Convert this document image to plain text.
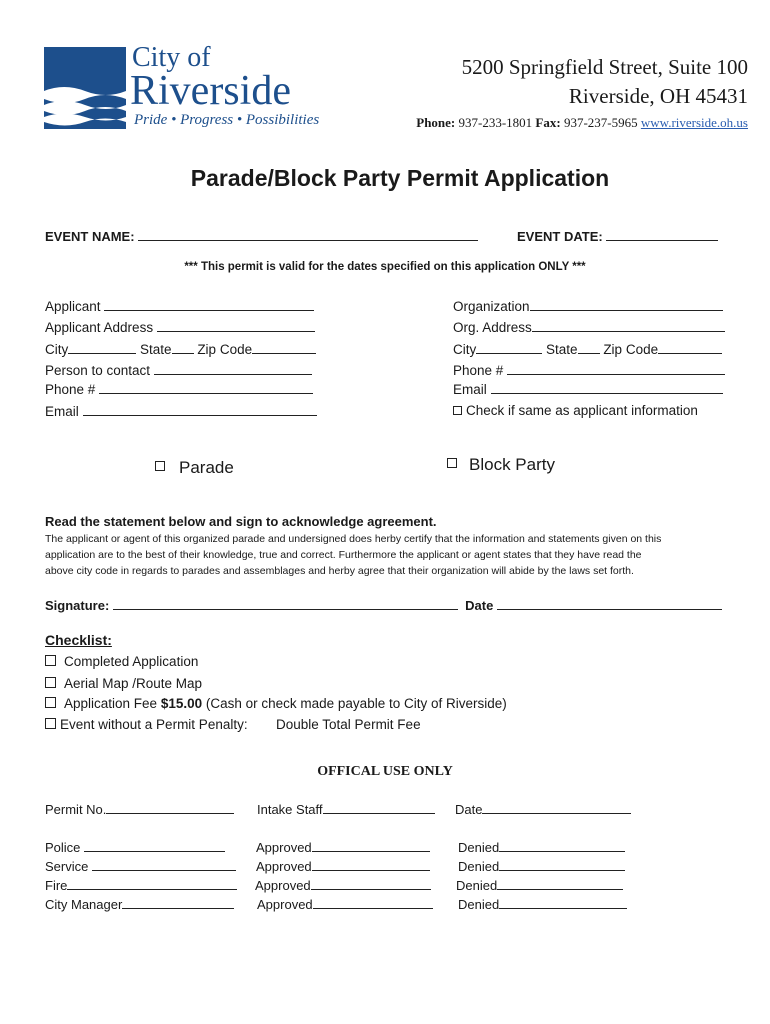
City of
Riverside
Pride • Progress • Possibilities
5200 Springfield Street, Suite 100
Riverside, OH 45431
Phone: 937-233-1801 Fax: 937-237-5965 www.riverside.oh.us
Parade/Block Party Permit Application
EVENT NAME:	EVENT DATE:
*** This permit is valid for the dates specified on this application ONLY ***
Applicant
Applicant Address
City	State Zip Code
Person to contact
Phone #
Email
Organization
Org. Address
City	State Zip Code
Phone #
Email
Check if same as applicant information
Parade	Block Party
Read the statement below and sign to acknowledge agreement.
The applicant or agent of this organized parade and undersigned does herby certify that the information and statements given on this
application are to the best of their knowledge, true and correct. Furthermore the applicant or agent states that they have read the
above city code in regards to parades and assemblages and herby agree that their organization will abide by the laws set forth.
Signature:	Date
Checklist:
Completed Application
Aerial Map /Route Map
Application Fee $15.00 (Cash or check made payable to City of Riverside)
Event without a Permit Penalty: Double Total Permit Fee
OFFICAL USE ONLY
Permit No.	Intake Staff	Date
Police	Approved	Denied
Service	Approved	Denied
Fire	Approved	Denied
City Manager	Approved	Denied
